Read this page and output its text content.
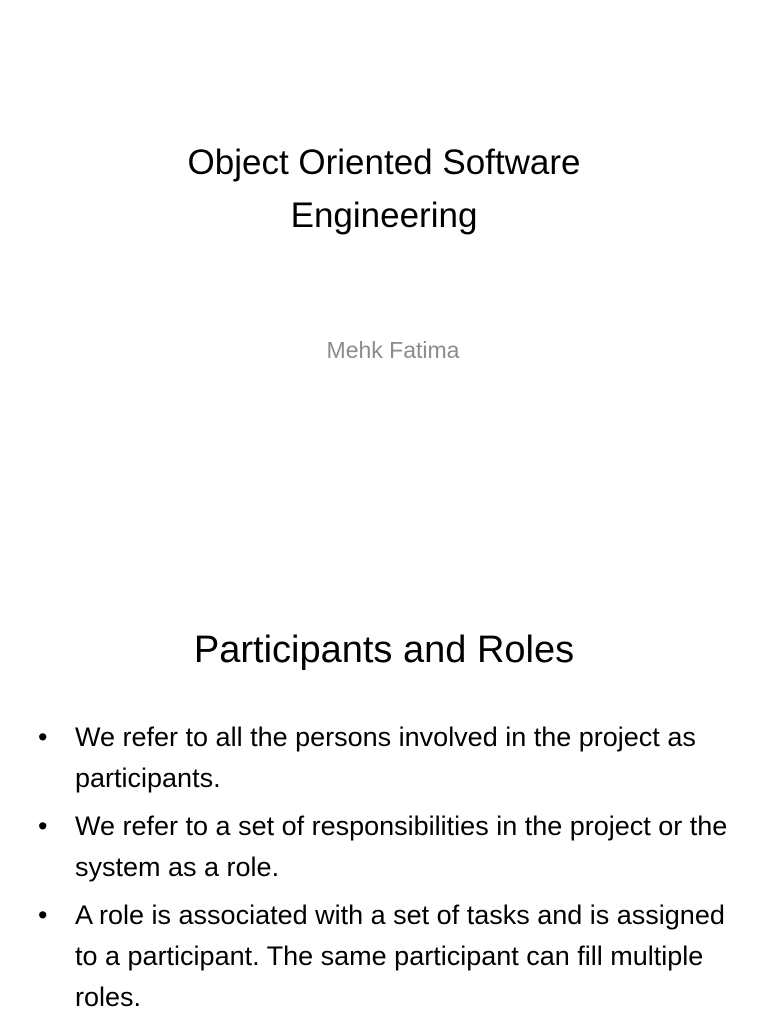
Object Oriented Software
Engineering

Mehk Fatima

Participants and Roles
•	We refer to all the persons involved in the project as participants.
•	We refer to a set of responsibilities in the project or the system as a role.
•	A role is associated with a set of tasks and is assigned to a participant. The same participant can fill multiple roles.
